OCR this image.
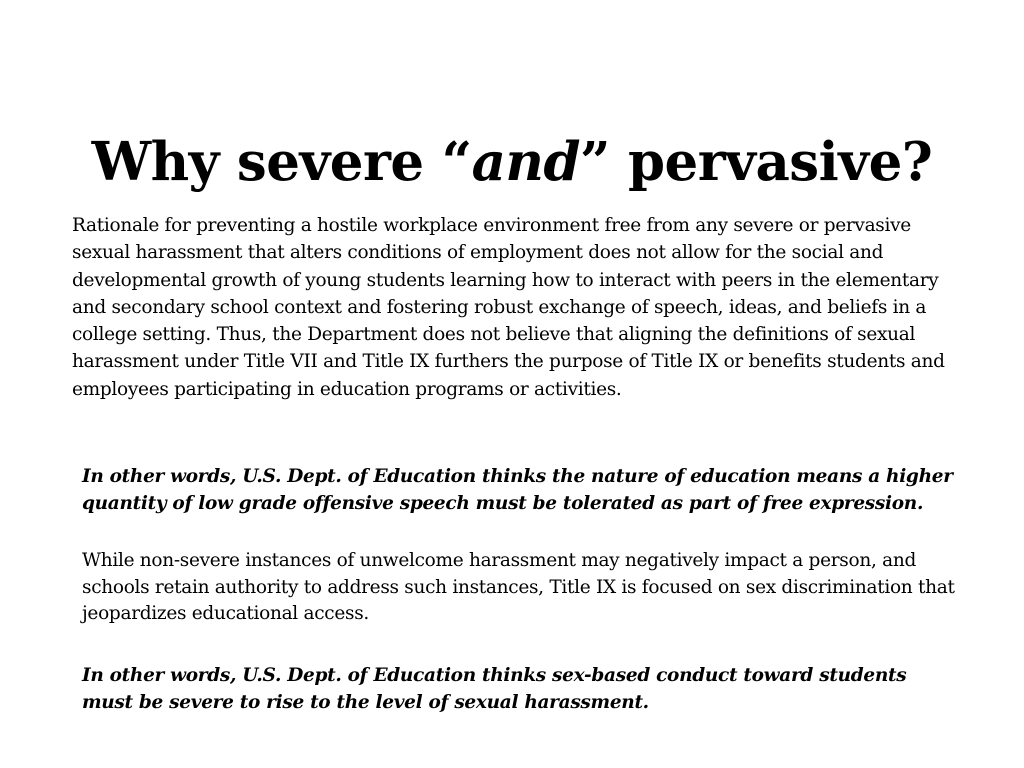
Why severe “and” pervasive?

Rationale for preventing a hostile workplace environment free from any severe or pervasive sexual harassment that alters conditions of employment does not allow for the social and developmental growth of young students learning how to interact with peers in the elementary and secondary school context and fostering robust exchange of speech, ideas, and beliefs in a college setting. Thus, the Department does not believe that aligning the definitions of sexual harassment under Title VII and Title IX furthers the purpose of Title IX or benefits students and employees participating in education programs or activities.

In other words, U.S. Dept. of Education thinks the nature of education means a higher quantity of low grade offensive speech must be tolerated as part of free expression.

While non-severe instances of unwelcome harassment may negatively impact a person, and schools retain authority to address such instances, Title IX is focused on sex discrimination that jeopardizes educational access.

In other words, U.S. Dept. of Education thinks sex-based conduct toward students must be severe to rise to the level of sexual harassment.
